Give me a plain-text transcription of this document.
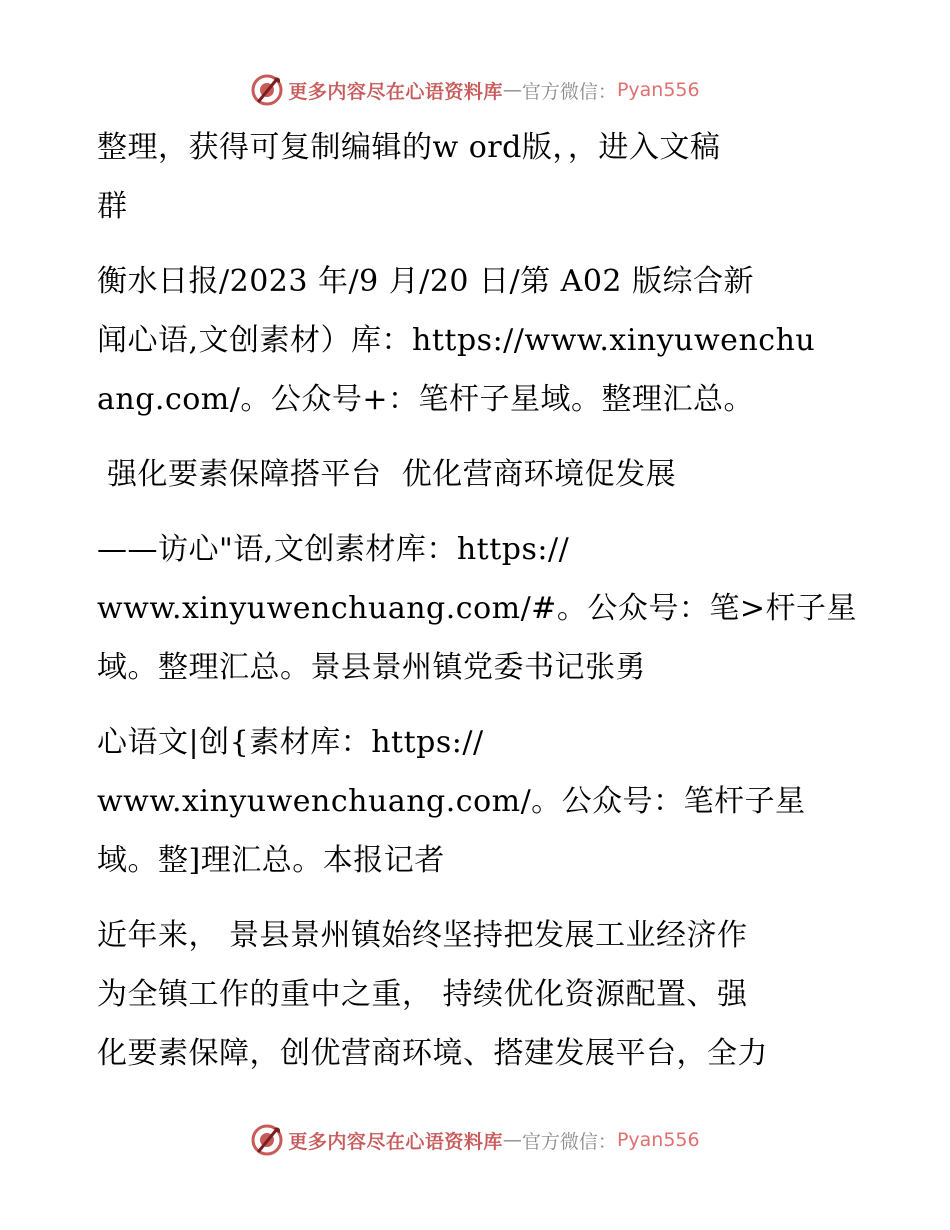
更多内容尽在心语资料库 — 官方微信： Pyan556
整理，获得可复制编辑的w ord版，，进入文稿
群
衡水日报/2023 年/9 月/20 日/第 A02 版综合新
闻心语,文创素材）库：https://www.xinyuwenchu
ang.com/。公众号+：笔杆子星域。整理汇总。
强化要素保障搭平台  优化营商环境促发展
——访心"语,文创素材库：https://
www.xinyuwenchuang.com/#。公众号：笔>杆子星
域。整理汇总。景县景州镇党委书记张勇
心语文|创{素材库：https://
www.xinyuwenchuang.com/。公众号：笔杆子星
域。整]理汇总。本报记者
近年来， 景县景州镇始终坚持把发展工业经济作
为全镇工作的重中之重， 持续优化资源配置、强
化要素保障，创优营商环境、搭建发展平台，全力
更多内容尽在心语资料库 — 官方微信： Pyan556
